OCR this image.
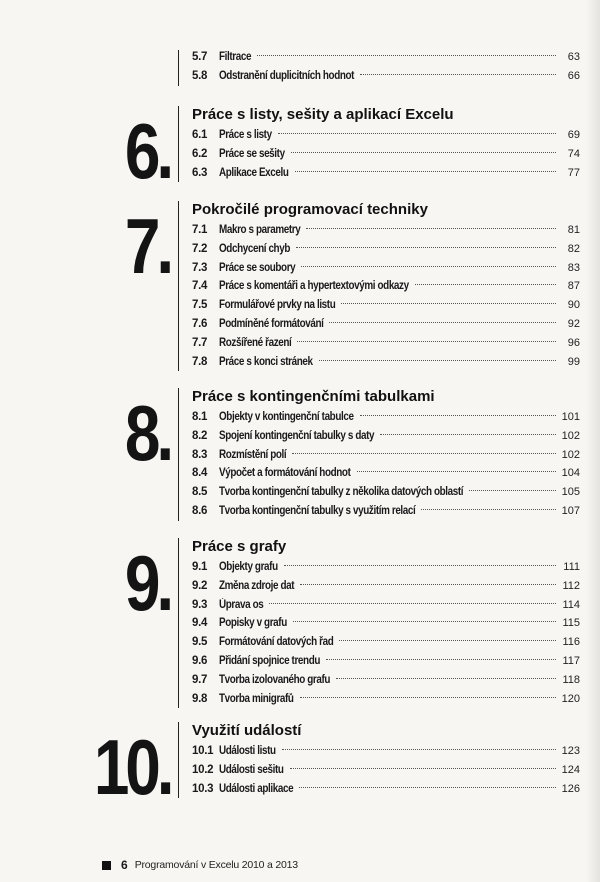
5.7	Filtrace	63
5.8	Odstranění duplicitních hodnot	66
6. Práce s listy, sešity a aplikací Excelu
6.1	Práce s listy	69
6.2	Práce se sešity	74
6.3	Aplikace Excelu	77
7. Pokročilé programovací techniky
7.1	Makro s parametry	81
7.2	Odchycení chyb	82
7.3	Práce se soubory	83
7.4	Práce s komentáři a hypertextovými odkazy	87
7.5	Formulářové prvky na listu	90
7.6	Podmíněné formátování	92
7.7	Rozšířené řazení	96
7.8	Práce s konci stránek	99
8. Práce s kontingenčními tabulkami
8.1	Objekty v kontingenční tabulce	101
8.2	Spojení kontingenční tabulky s daty	102
8.3	Rozmístění polí	102
8.4	Výpočet a formátování hodnot	104
8.5	Tvorba kontingenční tabulky z několika datových oblastí	105
8.6	Tvorba kontingenční tabulky s využitím relací	107
9. Práce s grafy
9.1	Objekty grafu	111
9.2	Změna zdroje dat	112
9.3	Úprava os	114
9.4	Popisky v grafu	115
9.5	Formátování datových řad	116
9.6	Přidání spojnice trendu	117
9.7	Tvorba izolovaného grafu	118
9.8	Tvorba minigrafů	120
10. Využití událostí
10.1 Události listu	123
10.2 Události sešitu	124
10.3 Události aplikace	126
6 Programování v Excelu 2010 a 2013
